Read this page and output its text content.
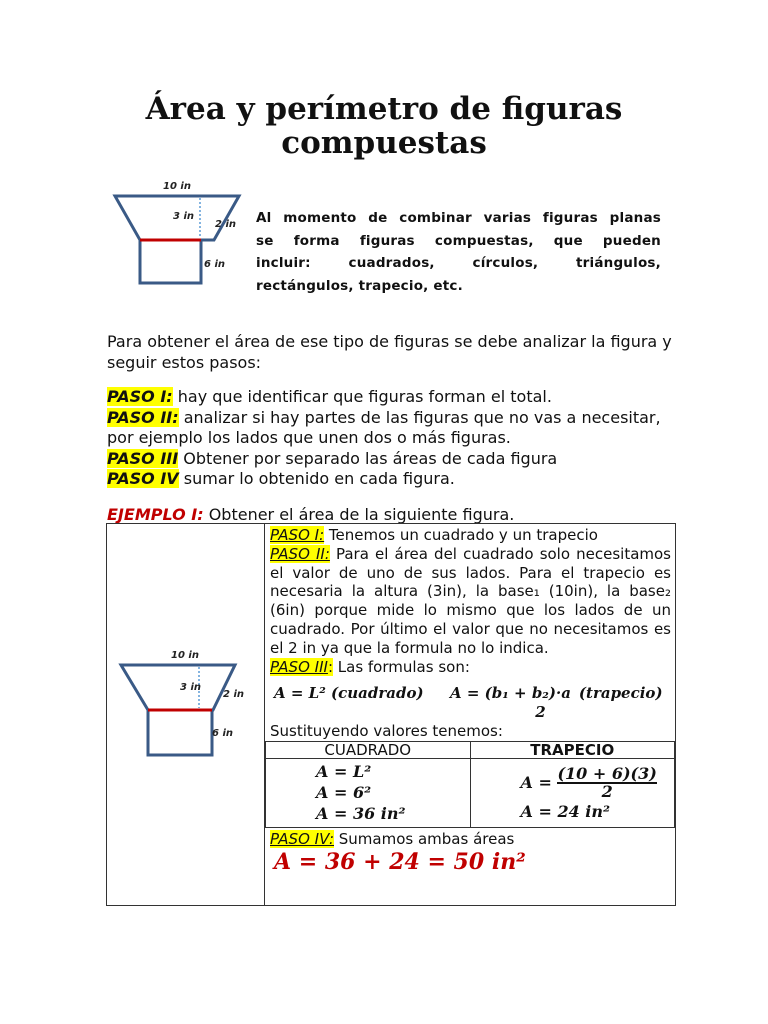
Área y perímetro de figuras
compuestas
10 in
3 in
2 in
6 in
Al momento de combinar varias figuras planas
se forma figuras compuestas, que pueden
incluir: cuadrados, círculos, triángulos,
rectángulos, trapecio, etc.
Para obtener el área de ese tipo de figuras se debe analizar la figura y seguir estos pasos:
PASO I: hay que identificar que figuras forman el total.
PASO II: analizar si hay partes de las figuras que no vas a necesitar, por ejemplo los lados que unen dos o más figuras.
PASO III Obtener por separado las áreas de cada figura
PASO IV sumar lo obtenido en cada figura.
EJEMPLO I: Obtener el área de la siguiente figura.
10 in
3 in
2 in
6 in

PASO I: Tenemos un cuadrado y un trapecio
PASO II: Para el área del cuadrado solo necesitamos el valor de uno de sus lados. Para el trapecio es necesaria la altura (3in), la base₁ (10in), la base₂ (6in) porque mide lo mismo que los lados de un cuadrado. Por último el valor que no necesitamos es el 2 in ya que la formula no lo indica.
PASO III: Las formulas son:
A = L² (cuadrado)	A = (b₁ + b₂)·a
2
(trapecio)
Sustituyendo valores tenemos:
CUADRADO	TRAPECIO

A = L²
A = 6²
A = 36 in²

$A = \frac{(10 + 6)(3)}{2}$
A = 24 in²
PASO IV: Sumamos ambas áreas
A = 36 + 24 = 50 in²
